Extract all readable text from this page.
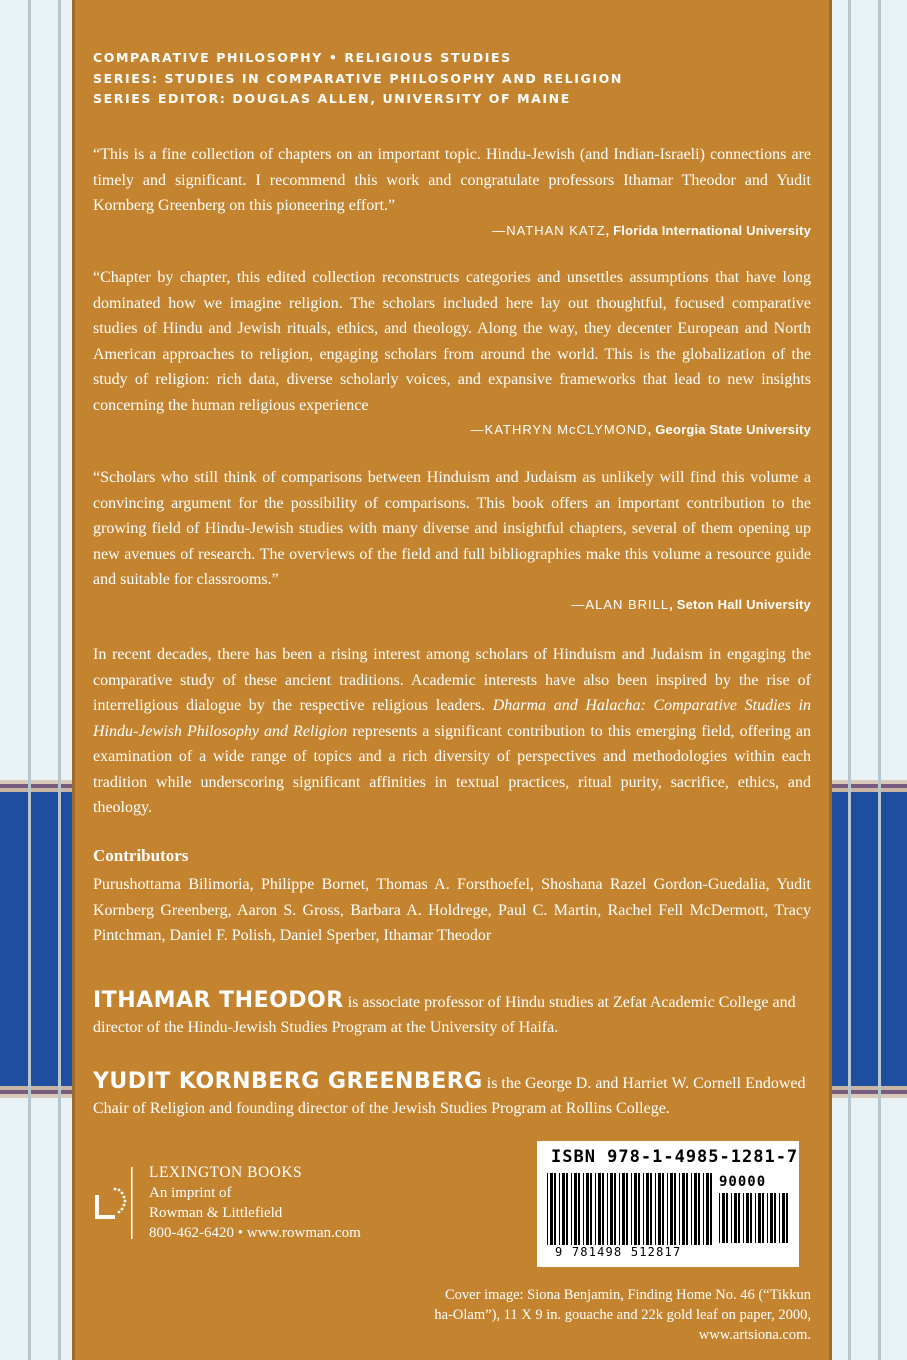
COMPARATIVE PHILOSOPHY • RELIGIOUS STUDIES
SERIES: STUDIES IN COMPARATIVE PHILOSOPHY AND RELIGION
SERIES EDITOR: DOUGLAS ALLEN, UNIVERSITY OF MAINE

“This is a fine collection of chapters on an important topic. Hindu-Jewish (and Indian-Israeli) connections are timely and significant. I recommend this work and congratulate professors Ithamar Theodor and Yudit Kornberg Greenberg on this pioneering effort.”

—NATHAN KATZ, Florida International University

“Chapter by chapter, this edited collection reconstructs categories and unsettles assumptions that have long dominated how we imagine religion. The scholars included here lay out thoughtful, focused comparative studies of Hindu and Jewish rituals, ethics, and theology. Along the way, they decenter European and North American approaches to religion, engaging scholars from around the world. This is the globalization of the study of religion: rich data, diverse scholarly voices, and expansive frameworks that lead to new insights concerning the human religious experience

—KATHRYN McCLYMOND, Georgia State University

“Scholars who still think of comparisons between Hinduism and Judaism as unlikely will find this volume a convincing argument for the possibility of comparisons. This book offers an important contribution to the growing field of Hindu-Jewish studies with many diverse and insightful chapters, several of them opening up new avenues of research. The overviews of the field and full bibliographies make this volume a resource guide and suitable for classrooms.”

—ALAN BRILL, Seton Hall University

In recent decades, there has been a rising interest among scholars of Hinduism and Judaism in engaging the comparative study of these ancient traditions. Academic interests have also been inspired by the rise of interreligious dialogue by the respective religious leaders. Dharma and Halacha: Comparative Studies in Hindu-Jewish Philosophy and Religion represents a significant contribution to this emerging field, offering an examination of a wide range of topics and a rich diversity of perspectives and methodologies within each tradition while underscoring significant affinities in textual practices, ritual purity, sacrifice, ethics, and theology.

Contributors
Purushottama Bilimoria, Philippe Bornet, Thomas A. Forsthoefel, Shoshana Razel Gordon-Guedalia, Yudit Kornberg Greenberg, Aaron S. Gross, Barbara A. Holdrege, Paul C. Martin, Rachel Fell McDermott, Tracy Pintchman, Daniel F. Polish, Daniel Sperber, Ithamar Theodor
ITHAMAR THEODOR is associate professor of Hindu studies at Zefat Academic College and director of the Hindu-Jewish Studies Program at the University of Haifa.
YUDIT KORNBERG GREENBERG is the George D. and Harriet W. Cornell Endowed Chair of Religion and founding director of the Jewish Studies Program at Rollins College.
LEXINGTON BOOKS
An imprint of
Rowman & Littlefield
800-462-6420 • www.rowman.com
ISBN 978-1-4985-1281-7
90000
9 781498 512817
Cover image: Siona Benjamin, Finding Home No. 46 (“Tikkun ha-Olam”), 11 X 9 in. gouache and 22k gold leaf on paper, 2000, www.artsiona.com.
